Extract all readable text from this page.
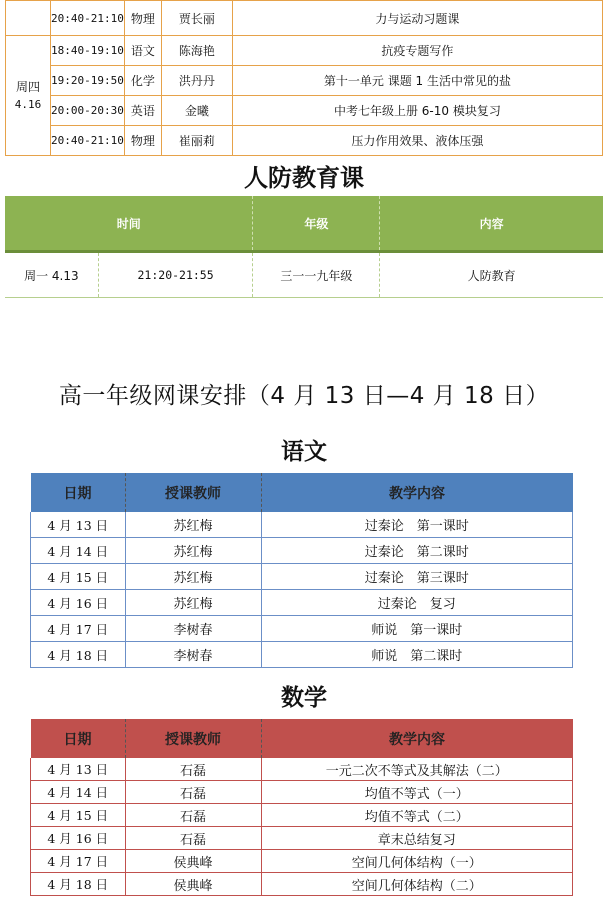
	20:40-21:10	物理	贾长丽	力与运动习题课

周四
4.16	18:40-19:10	语文	陈海艳	抗疫专题写作
	19:20-19:50	化学	洪丹丹	第十一单元 课题 1 生活中常见的盐
	20:00-20:30	英语	金曦	中考七年级上册 6-10 模块复习
	20:40-21:10	物理	崔丽莉	压力作用效果、液体压强
人防教育课
时间		年级	内容
周一 4.13	21:20-21:55	三一一九年级	人防教育
高一年级网课安排（4 月 13 日—4 月 18 日）
语文
日期	授课教师	教学内容
4 月 13 日	苏红梅	过秦论　第一课时
4 月 14 日	苏红梅	过秦论　第二课时
4 月 15 日	苏红梅	过秦论　第三课时
4 月 16 日	苏红梅	过秦论　复习
4 月 17 日	李树春	师说　第一课时
4 月 18 日	李树春	师说　第二课时
数学
日期	授课教师	教学内容
4 月 13 日	石磊	一元二次不等式及其解法（二）
4 月 14 日	石磊	均值不等式（一）
4 月 15 日	石磊	均值不等式（二）
4 月 16 日	石磊	章末总结复习
4 月 17 日	侯典峰	空间几何体结构（一）
4 月 18 日	侯典峰	空间几何体结构（二）
